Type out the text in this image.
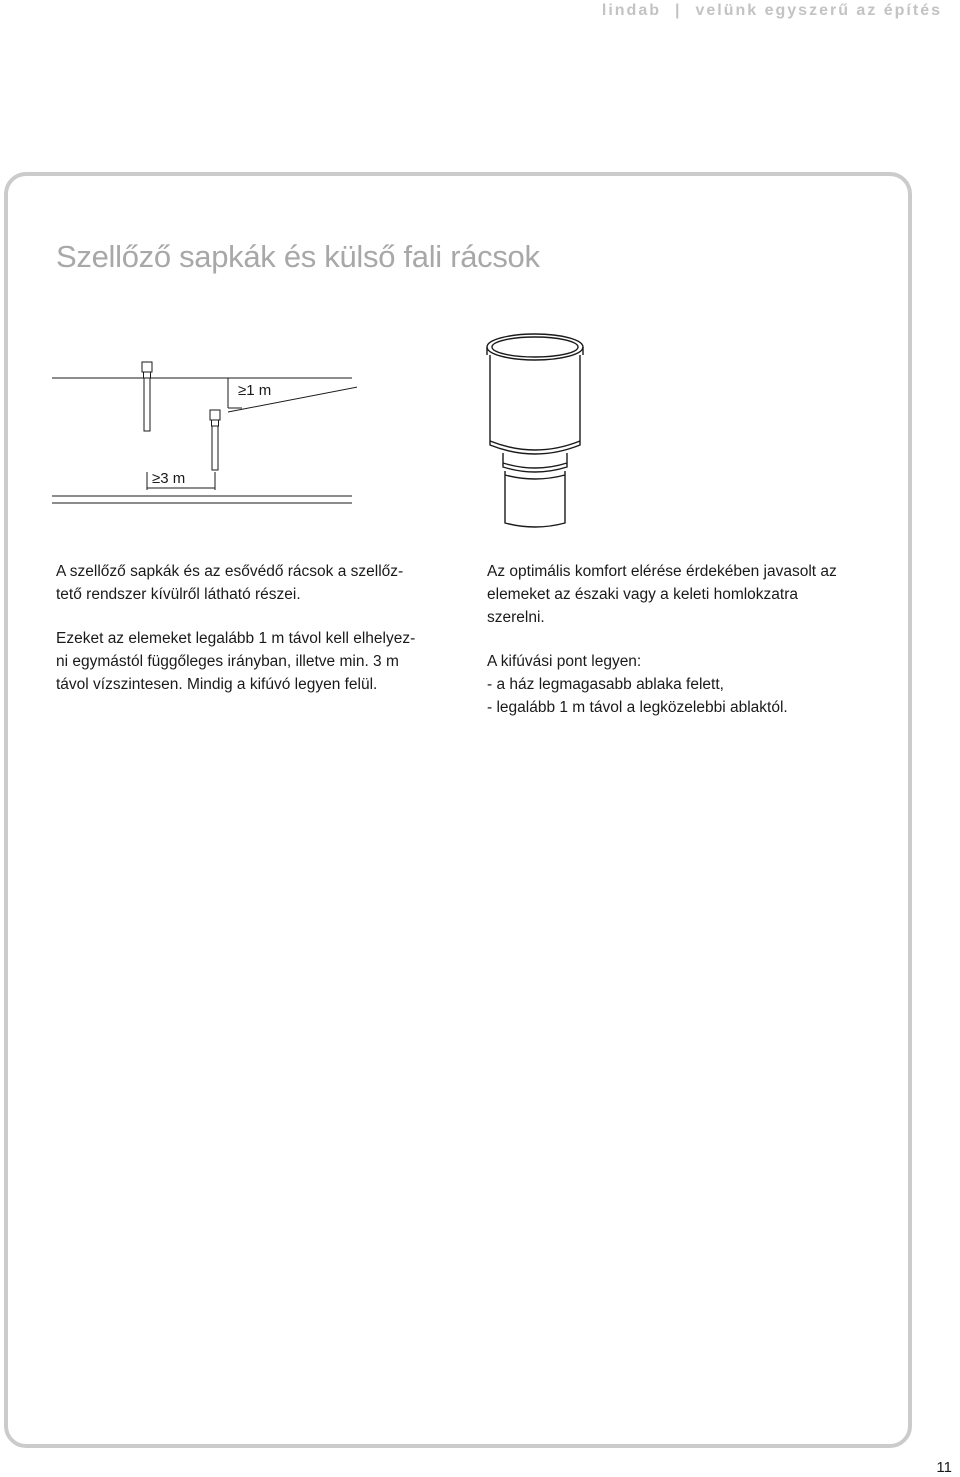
lindab | velünk egyszerű az építés
Szellőző sapkák és külső fali rácsok
≥1 m
≥3 m

A szellőző sapkák és az esővédő rácsok a szellőz-
tető rendszer kívülről látható részei.

Ezeket az elemeket legalább 1 m távol kell elhelyez-
ni egymástól függőleges irányban, illetve min. 3 m
távol vízszintesen. Mindig a kifúvó legyen felül.

Az optimális komfort elérése érdekében javasolt az
elemeket az északi vagy a keleti homlokzatra
szerelni.

A kifúvási pont legyen:
- a ház legmagasabb ablaka felett,
- legalább 1 m távol a legközelebbi ablaktól.

11
